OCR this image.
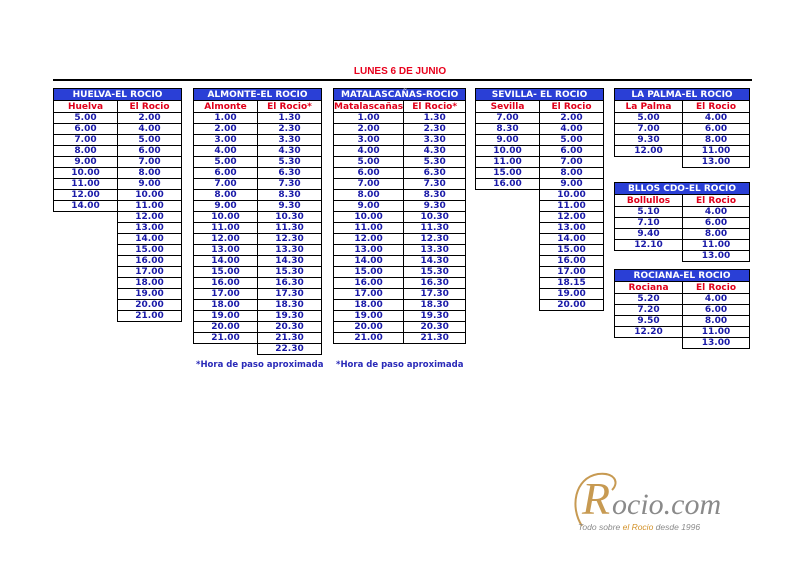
LUNES 6 DE JUNIO
HUELVA-EL ROCIO	
Huelva	El Rocio
5.00	2.00
6.00	4.00
7.00	5.00
8.00	6.00
9.00	7.00
10.00	8.00
11.00	9.00
12.00	10.00
14.00	11.00
	12.00
	13.00
	14.00
	15.00
	16.00
	17.00
	18.00
	19.00
	20.00
	21.00
ALMONTE-EL ROCIO	
Almonte	El Rocio*
1.00	1.30
2.00	2.30
3.00	3.30
4.00	4.30
5.00	5.30
6.00	6.30
7.00	7.30
8.00	8.30
9.00	9.30
10.00	10.30
11.00	11.30
12.00	12.30
13.00	13.30
14.00	14.30
15.00	15.30
16.00	16.30
17.00	17.30
18.00	18.30
19.00	19.30
20.00	20.30
21.00	21.30
	22.30
MATALASCAÑAS-ROCIO	
Matalascañas	El Rocio*
1.00	1.30
2.00	2.30
3.00	3.30
4.00	4.30
5.00	5.30
6.00	6.30
7.00	7.30
8.00	8.30
9.00	9.30
10.00	10.30
11.00	11.30
12.00	12.30
13.00	13.30
14.00	14.30
15.00	15.30
16.00	16.30
17.00	17.30
18.00	18.30
19.00	19.30
20.00	20.30
21.00	21.30
SEVILLA- EL ROCIO	
Sevilla	El Rocio
7.00	2.00
8.30	4.00
9.00	5.00
10.00	6.00
11.00	7.00
15.00	8.00
16.00	9.00
	10.00
	11.00
	12.00
	13.00
	14.00
	15.00
	16.00
	17.00
	18.15
	19.00
	20.00
LA PALMA-EL ROCIO	
La Palma	El Rocio
5.00	4.00
7.00	6.00
9.30	8.00
12.00	11.00
	13.00
BLLOS CDO-EL ROCIO	
Bollullos	El Rocio
5.10	4.00
7.10	6.00
9.40	8.00
12.10	11.00
	13.00
ROCIANA-EL ROCIO	
Rociana	El Rocio
5.20	4.00
7.20	6.00
9.50	8.00
12.20	11.00
	13.00
*Hora de paso aproximada *Hora de paso aproximada
R ocio.com
Todo sobre el Rocio desde 1996
